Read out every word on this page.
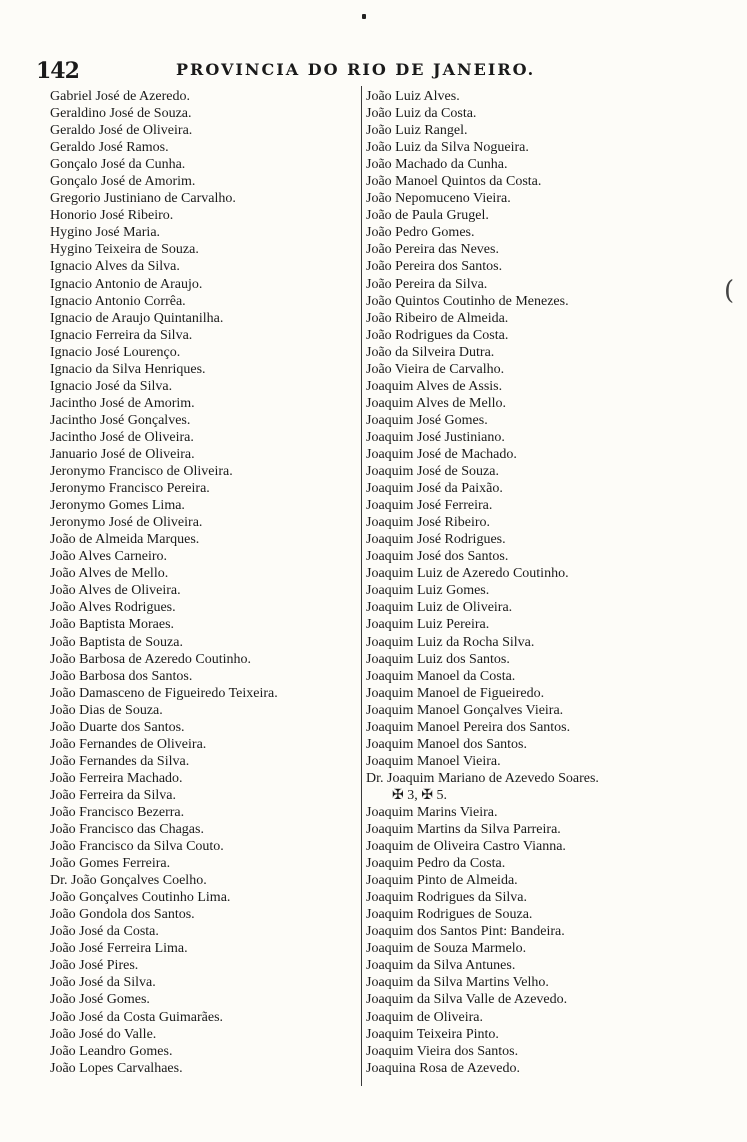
142	PROVINCIA DO RIO DE JANEIRO.
Gabriel José de Azeredo.
Geraldino José de Souza.
Geraldo José de Oliveira.
Geraldo José Ramos.
Gonçalo José da Cunha.
Gonçalo José de Amorim.
Gregorio Justiniano de Carvalho.
Honorio José Ribeiro.
Hygino José Maria.
Hygino Teixeira de Souza.
Ignacio Alves da Silva.
Ignacio Antonio de Araujo.
Ignacio Antonio Corrêa.
Ignacio de Araujo Quintanilha.
Ignacio Ferreira da Silva.
Ignacio José Lourenço.
Ignacio da Silva Henriques.
Ignacio José da Silva.
Jacintho José de Amorim.
Jacintho José Gonçalves.
Jacintho José de Oliveira.
Januario José de Oliveira.
Jeronymo Francisco de Oliveira.
Jeronymo Francisco Pereira.
Jeronymo Gomes Lima.
Jeronymo José de Oliveira.
João de Almeida Marques.
João Alves Carneiro.
João Alves de Mello.
João Alves de Oliveira.
João Alves Rodrigues.
João Baptista Moraes.
João Baptista de Souza.
João Barbosa de Azeredo Coutinho.
João Barbosa dos Santos.
João Damasceno de Figueiredo Teixeira.
João Dias de Souza.
João Duarte dos Santos.
João Fernandes de Oliveira.
João Fernandes da Silva.
João Ferreira Machado.
João Ferreira da Silva.
João Francisco Bezerra.
João Francisco das Chagas.
João Francisco da Silva Couto.
João Gomes Ferreira.
Dr. João Gonçalves Coelho.
João Gonçalves Coutinho Lima.
João Gondola dos Santos.
João José da Costa.
João José Ferreira Lima.
João José Pires.
João José da Silva.
João José Gomes.
João José da Costa Guimarães.
João José do Valle.
João Leandro Gomes.
João Lopes Carvalhaes.
João Luiz Alves.
João Luiz da Costa.
João Luiz Rangel.
João Luiz da Silva Nogueira.
João Machado da Cunha.
João Manoel Quintos da Costa.
João Nepomuceno Vieira.
João de Paula Grugel.
João Pedro Gomes.
João Pereira das Neves.
João Pereira dos Santos.
João Pereira da Silva.
João Quintos Coutinho de Menezes.
João Ribeiro de Almeida.
João Rodrigues da Costa.
João da Silveira Dutra.
João Vieira de Carvalho.
Joaquim Alves de Assis.
Joaquim Alves de Mello.
Joaquim José Gomes.
Joaquim José Justiniano.
Joaquim José de Machado.
Joaquim José de Souza.
Joaquim José da Paixão.
Joaquim José Ferreira.
Joaquim José Ribeiro.
Joaquim José Rodrigues.
Joaquim José dos Santos.
Joaquim Luiz de Azeredo Coutinho.
Joaquim Luiz Gomes.
Joaquim Luiz de Oliveira.
Joaquim Luiz Pereira.
Joaquim Luiz da Rocha Silva.
Joaquim Luiz dos Santos.
Joaquim Manoel da Costa.
Joaquim Manoel de Figueiredo.
Joaquim Manoel Gonçalves Vieira.
Joaquim Manoel Pereira dos Santos.
Joaquim Manoel dos Santos.
Joaquim Manoel Vieira.
Dr. Joaquim Mariano de Azevedo Soares.
✠ 3, ✠ 5.
Joaquim Marins Vieira.
Joaquim Martins da Silva Parreira.
Joaquim de Oliveira Castro Vianna.
Joaquim Pedro da Costa.
Joaquim Pinto de Almeida.
Joaquim Rodrigues da Silva.
Joaquim Rodrigues de Souza.
Joaquim dos Santos Pint: Bandeira.
Joaquim de Souza Marmelo.
Joaquim da Silva Antunes.
Joaquim da Silva Martins Velho.
Joaquim da Silva Valle de Azevedo.
Joaquim de Oliveira.
Joaquim Teixeira Pinto.
Joaquim Vieira dos Santos.
Joaquina Rosa de Azevedo.
(
